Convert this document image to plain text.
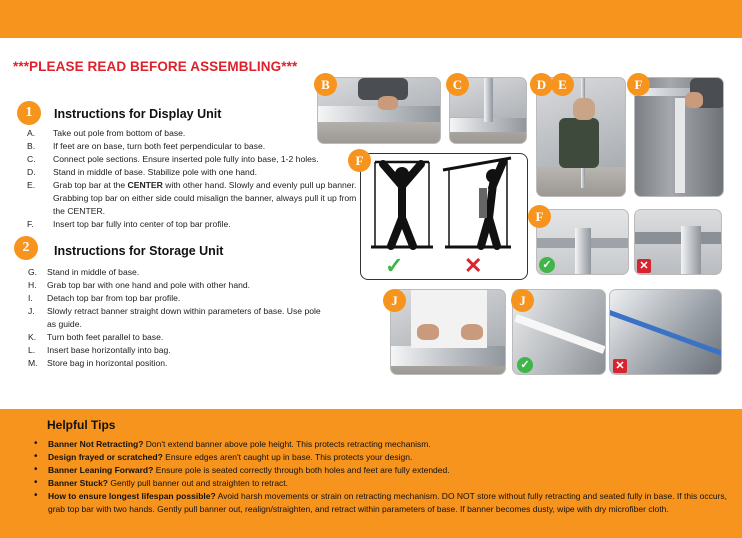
***PLEASE READ BEFORE ASSEMBLING***
1	Instructions for Display Unit
A. Take out pole from bottom of base.
B. If feet are on base, turn both feet perpendicular to base.
C. Connect pole sections. Ensure inserted pole fully into base, 1-2 holes.
D. Stand in middle of base. Stabilize pole with one hand.
E. Grab top bar at the CENTER with other hand. Slowly and evenly pull up banner. Grabbing top bar on either side could misalign the banner, always pull it up from the CENTER.
F. Insert top bar fully into center of top bar profile.
2	Instructions for Storage Unit
G. Stand in middle of base.
H. Grab top bar with one hand and pole with other hand.
I. Detach top bar from top bar profile.
J. Slowly retract banner straight down within parameters of base. Use pole as guide.
K. Turn both feet parallel to base.
L. Insert base horizontally into bag.
M. Store bag in horizontal position.
B	C	D E	F
✓	✕
F
F
✓	✕
J	J
✓	✕
Helpful Tips
• Banner Not Retracting? Don't extend banner above pole height. This protects retracting mechanism.
• Design frayed or scratched? Ensure edges aren't caught up in base. This protects your design.
• Banner Leaning Forward? Ensure pole is seated correctly through both holes and feet are fully extended.
• Banner Stuck? Gently pull banner out and straighten to retract.
• How to ensure longest lifespan possible? Avoid harsh movements or strain on retracting mechanism. DO NOT store without fully retracting and seated fully in base. If this occurs, grab top bar with two hands. Gently pull banner out, realign/straighten, and retract within parameters of base. If banner becomes dusty, wipe with dry microfiber cloth.
